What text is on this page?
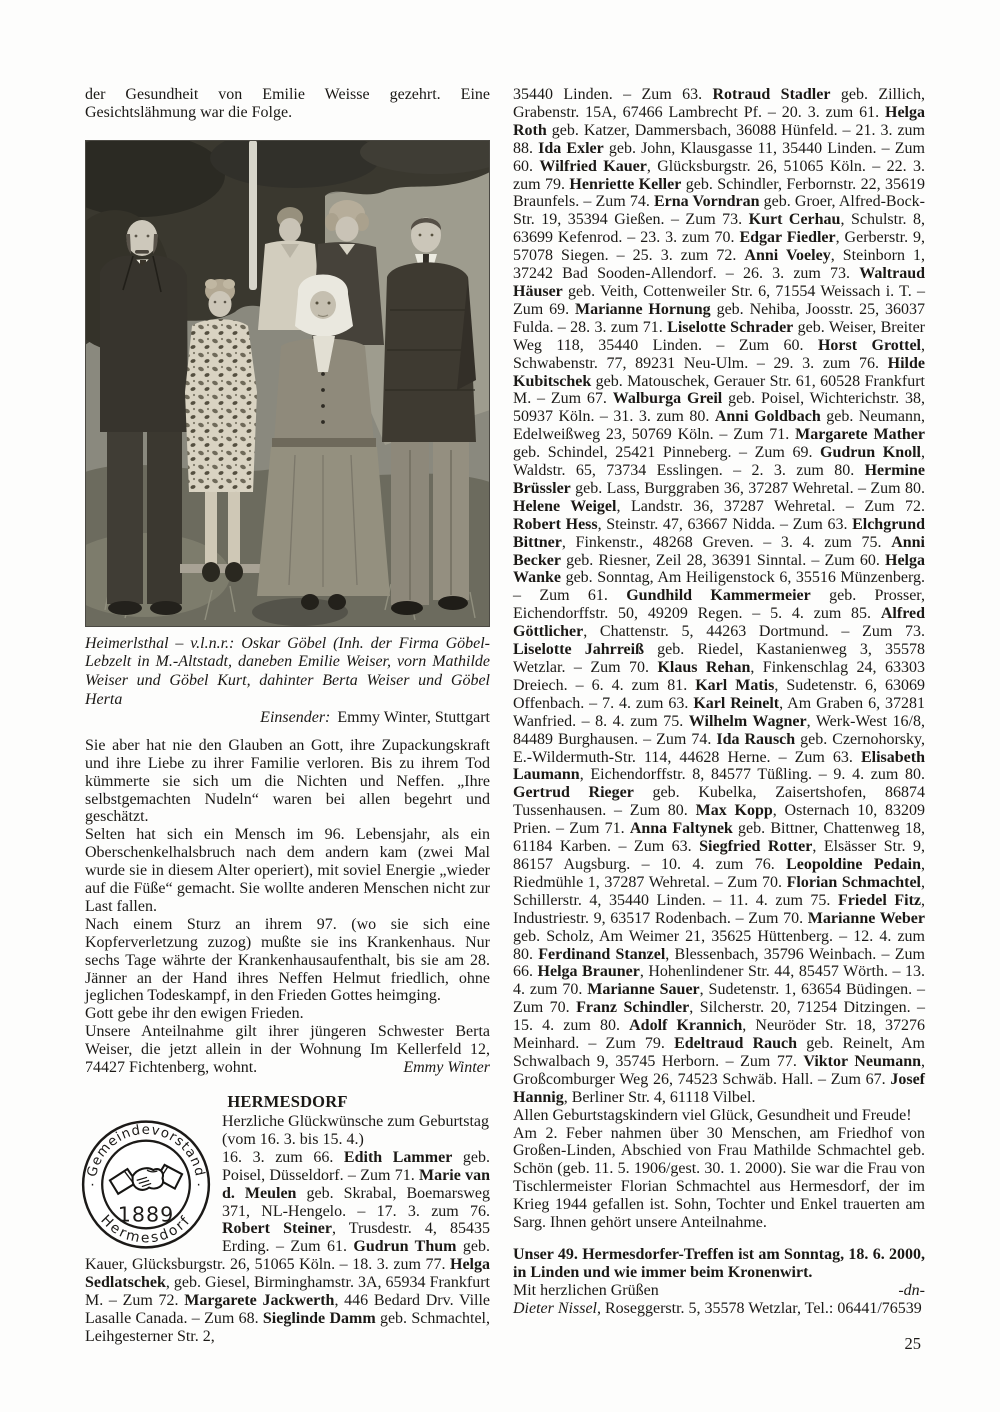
der Gesundheit von Emilie Weisse gezehrt. Eine Gesichtslähmung war die Folge.

Heimerlsthal – v.l.n.r.: Oskar Göbel (Inh. der Firma Göbel-Lebzelt in M.-Altstadt, daneben Emilie Weiser, vorn Mathilde Weiser und Göbel Kurt, dahinter Berta Weiser und Göbel Herta

Einsender: Emmy Winter, Stuttgart

Sie aber hat nie den Glauben an Gott, ihre Zupackungskraft und ihre Liebe zu ihrer Familie verloren. Bis zu ihrem Tod kümmerte sie sich um die Nichten und Neffen. „Ihre selbstgemachten Nudeln“ waren bei allen begehrt und geschätzt.

Selten hat sich ein Mensch im 96. Lebensjahr, als ein Oberschenkelhalsbruch nach dem andern kam (zwei Mal wurde sie in diesem Alter operiert), mit soviel Energie „wieder auf die Füße“ gemacht. Sie wollte anderen Menschen nicht zur Last fallen.

Nach einem Sturz an ihrem 97. (wo sie sich eine Kopferverletzung zuzog) mußte sie ins Krankenhaus. Nur sechs Tage währte der Krankenhausaufenthalt, bis sie am 28. Jänner an der Hand ihres Neffen Helmut friedlich, ohne jeglichen Todeskampf, in den Frieden Gottes heimging.

Gott gebe ihr den ewigen Frieden.

Unsere Anteilnahme gilt ihrer jüngeren Schwester Berta Weiser, die jetzt allein in der Wohnung Im Kellerfeld 12, 74427 Fichtenberg, wohnt.	Emmy Winter
HERMESDORF
Gemeindevorstand
Hermesdorf
·	·
1889

Herzliche Glückwünsche zum Geburtstag

(vom 16. 3. bis 15. 4.)

16. 3. zum 66. Edith Lammer geb. Poisel, Düsseldorf. – Zum 71. Marie van d. Meulen geb. Skrabal, Boemarsweg 371, NL-Hengelo. – 17. 3. zum 76. Robert Steiner, Trusdestr. 4, 85435 Erding. – Zum 61. Gudrun Thum geb. Kauer, Glücksburgstr. 26, 51065 Köln. – 18. 3. zum 77. Helga Sedlatschek, geb. Giesel, Birminghamstr. 3A, 65934 Frankfurt M. – Zum 72. Margarete Jackwerth, 446 Bedard Drv. Ville Lasalle Canada. – Zum 68. Sieglinde Damm geb. Schmachtel, Leihgesterner Str. 2,

35440 Linden. – Zum 63. Rotraud Stadler geb. Zillich, Grabenstr. 15A, 67466 Lambrecht Pf. – 20. 3. zum 61. Helga Roth geb. Katzer, Dammersbach, 36088 Hünfeld. – 21. 3. zum 88. Ida Exler geb. John, Klausgasse 11, 35440 Linden. – Zum 60. Wilfried Kauer, Glücksburgstr. 26, 51065 Köln. – 22. 3. zum 79. Henriette Keller geb. Schindler, Ferbornstr. 22, 35619 Braunfels. – Zum 74. Erna Vorndran geb. Groer, Alfred-Bock-Str. 19, 35394 Gießen. – Zum 73. Kurt Cerhau, Schulstr. 8, 63699 Kefenrod. – 23. 3. zum 70. Edgar Fiedler, Gerberstr. 9, 57078 Siegen. – 25. 3. zum 72. Anni Voeley, Steinborn 1, 37242 Bad Sooden-Allendorf. – 26. 3. zum 73. Waltraud Häuser geb. Veith, Cottenweiler Str. 6, 71554 Weissach i. T. – Zum 69. Marianne Hornung geb. Nehiba, Joosstr. 25, 36037 Fulda. – 28. 3. zum 71. Liselotte Schrader geb. Weiser, Breiter Weg 118, 35440 Linden. – Zum 60. Horst Grottel, Schwabenstr. 77, 89231 Neu-Ulm. – 29. 3. zum 76. Hilde Kubitschek geb. Matouschek, Gerauer Str. 61, 60528 Frankfurt M. – Zum 67. Walburga Greil geb. Poisel, Wichterichstr. 38, 50937 Köln. – 31. 3. zum 80. Anni Goldbach geb. Neumann, Edelweißweg 23, 50769 Köln. – Zum 71. Margarete Mather geb. Schindel, 25421 Pinneberg. – Zum 69. Gudrun Knoll, Waldstr. 65, 73734 Esslingen. – 2. 3. zum 80. Hermine Brüssler geb. Lass, Burggraben 36, 37287 Wehretal. – Zum 80. Helene Weigel, Landstr. 36, 37287 Wehretal. – Zum 72. Robert Hess, Steinstr. 47, 63667 Nidda. – Zum 63. Elchgrund Bittner, Finkenstr., 48268 Greven. – 3. 4. zum 75. Anni Becker geb. Riesner, Zeil 28, 36391 Sinntal. – Zum 60. Helga Wanke geb. Sonntag, Am Heiligenstock 6, 35516 Münzenberg. – Zum 61. Gundhild Kammermeier geb. Prosser, Eichendorffstr. 50, 49209 Regen. – 5. 4. zum 85. Alfred Göttlicher, Chattenstr. 5, 44263 Dortmund. – Zum 73. Liselotte Jahrreiß geb. Riedel, Kastanienweg 3, 35578 Wetzlar. – Zum 70. Klaus Rehan, Finkenschlag 24, 63303 Dreiech. – 6. 4. zum 81. Karl Matis, Sudetenstr. 6, 63069 Offenbach. – 7. 4. zum 63. Karl Reinelt, Am Graben 6, 37281 Wanfried. – 8. 4. zum 75. Wilhelm Wagner, Werk-West 16/8, 84489 Burghausen. – Zum 74. Ida Rausch geb. Czernohorsky, E.-Wildermuth-Str. 114, 44628 Herne. – Zum 63. Elisabeth Laumann, Eichendorffstr. 8, 84577 Tüßling. – 9. 4. zum 80. Gertrud Rieger geb. Kubelka, Zaisertshofen, 86874 Tussenhausen. – Zum 80. Max Kopp, Osternach 10, 83209 Prien. – Zum 71. Anna Faltynek geb. Bittner, Chattenweg 18, 61184 Karben. – Zum 63. Siegfried Rotter, Elsässer Str. 9, 86157 Augsburg. – 10. 4. zum 76. Leopoldine Pedain, Riedmühle 1, 37287 Wehretal. – Zum 70. Florian Schmachtel, Schillerstr. 4, 35440 Linden. – 11. 4. zum 75. Friedel Fitz, Industriestr. 9, 63517 Rodenbach. – Zum 70. Marianne Weber geb. Scholz, Am Weimer 21, 35625 Hüttenberg. – 12. 4. zum 80. Ferdinand Stanzel, Blessenbach, 35796 Weinbach. – Zum 66. Helga Brauner, Hohenlindener Str. 44, 85457 Wörth. – 13. 4. zum 70. Marianne Sauer, Sudetenstr. 1, 63654 Büdingen. – Zum 70. Franz Schindler, Silcherstr. 20, 71254 Ditzingen. – 15. 4. zum 80. Adolf Krannich, Neuröder Str. 18, 37276 Meinhard. – Zum 79. Edeltraud Rauch geb. Reinelt, Am Schwalbach 9, 35745 Herborn. – Zum 77. Viktor Neumann, Großcomburger Weg 26, 74523 Schwäb. Hall. – Zum 67. Josef Hannig, Berliner Str. 4, 61118 Vilbel.

Allen Geburtstagskindern viel Glück, Gesundheit und Freude!

Am 2. Feber nahmen über 30 Menschen, am Friedhof von Großen-Linden, Abschied von Frau Mathilde Schmachtel geb. Schön (geb. 11. 5. 1906/gest. 30. 1. 2000). Sie war die Frau von Tischlermeister Florian Schmachtel aus Hermesdorf, der im Krieg 1944 gefallen ist. Sohn, Tochter und Enkel trauerten am Sarg. Ihnen gehört unsere Anteilnahme.

Unser 49. Hermesdorfer-Treffen ist am Sonntag, 18. 6. 2000, in Linden und wie immer beim Kronenwirt.

Mit herzlichen Grüßen	-dn-

Dieter Nissel, Roseggerstr. 5, 35578 Wetzlar, Tel.: 06441/76539

25
